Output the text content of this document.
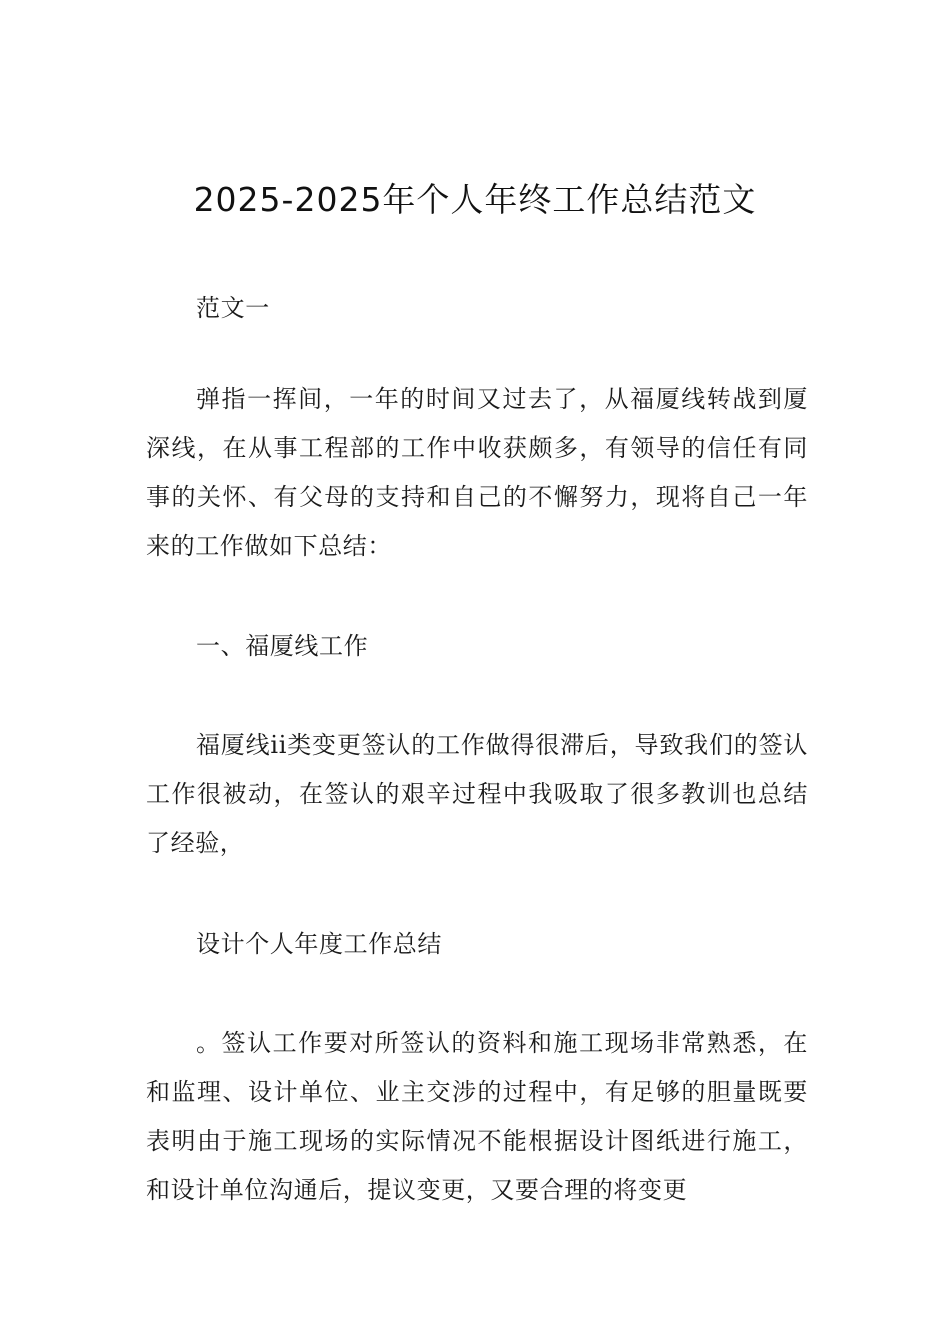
2025-2025年个人年终工作总结范文

范文一

弹指一挥间，一年的时间又过去了，从福厦线转战到厦深线，在从事工程部的工作中收获颇多，有领导的信任有同事的关怀、有父母的支持和自己的不懈努力，现将自己一年来的工作做如下总结：

一、福厦线工作

福厦线ii类变更签认的工作做得很滞后，导致我们的签认工作很被动，在签认的艰辛过程中我吸取了很多教训也总结了经验，

设计个人年度工作总结

。签认工作要对所签认的资料和施工现场非常熟悉，在和监理、设计单位、业主交涉的过程中，有足够的胆量既要表明由于施工现场的实际情况不能根据设计图纸进行施工，和设计单位沟通后，提议变更，又要合理的将变更
